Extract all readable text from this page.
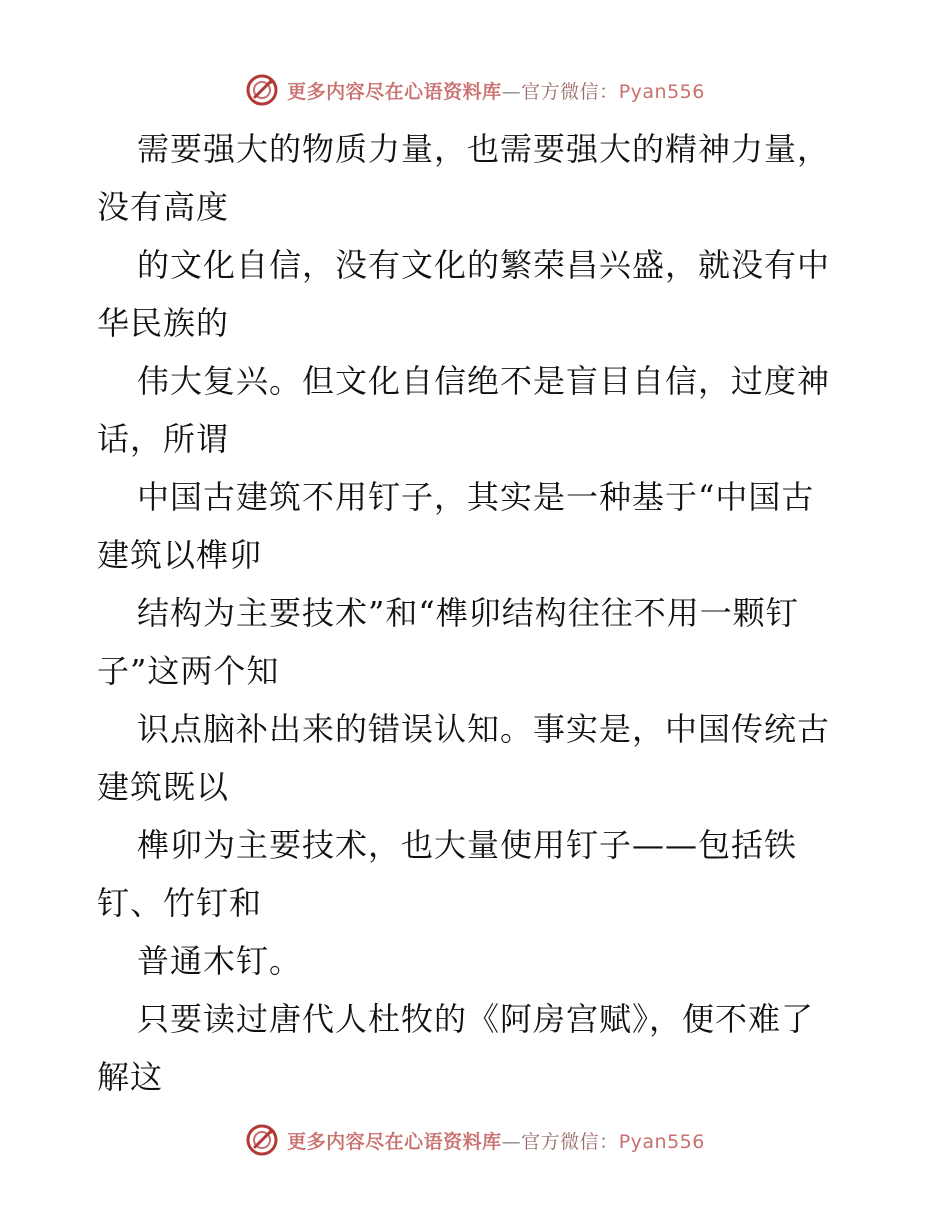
更多内容尽在心语资料库—官方微信：Pyan556
需要强大的物质力量，也需要强大的精神力量，
没有高度
的文化自信，没有文化的繁荣昌兴盛，就没有中
华民族的
伟大复兴。但文化自信绝不是盲目自信，过度神
话，所谓
中国古建筑不用钉子，其实是一种基于“中国古
建筑以榫卯
结构为主要技术”和“榫卯结构往往不用一颗钉
子”这两个知
识点脑补出来的错误认知。事实是，中国传统古
建筑既以
榫卯为主要技术，也大量使用钉子——包括铁
钉、竹钉和
普通木钉。
只要读过唐代人杜牧的《阿房宫赋》，便不难了
解这
更多内容尽在心语资料库—官方微信：Pyan556
